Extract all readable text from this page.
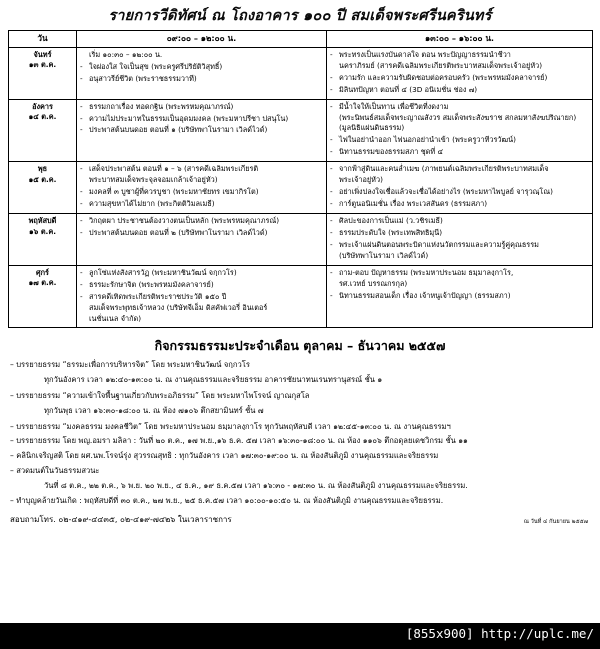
รายการวีดิทัศน์ ณ โถงอาคาร ๑๐๐ ปี สมเด็จพระศรีนครินทร์
วัน	๐๙:๐๐ – ๑๒:๐๐ น.	๑๓:๐๐ – ๑๖:๐๐ น.
จันทร์
๑๓ ต.ค.

เริ่ม ๑๐:๓๐ – ๑๒:๐๐ น.
- ใจผ่องใส ใจเป็นสุข (พระครูศรีปริยัติวิสุทธิ์)
- อนุสาวรีย์ชีวิต (พระราชธรรมวาที)

- พระทรงเป็นแรงบันดาลใจ ตอน พระปัญญาธรรมนำชีวา
นคราภิรมย์ (สารคดีเฉลิมพระเกียรติพระบาทสมเด็จพระเจ้าอยู่หัว)
- ความรัก และความรับผิดชอบต่อครอบครัว (พระพรหมมังคลาจารย์)
- มิลินทปัญหา ตอนที่ ๔ (3D อนิเมชั่น ช่อง ๗)

อังคาร
๑๔ ต.ค.

- ธรรมกถาเรื่อง ทอดกฐิน (พระพรหมคุณาภรณ์)
- ความไม่ประมาทในธรรมเป็นอุดมมงคล (พระมหาปรีชา ปสนุโน)
- ประพาสต้นบนดอย ตอนที่ ๑ (บริษัทพาโนรามา เวิลด์ไวด์)

- มีน้ำใจให้เป็นทาน เพื่อชีวิตที่งดงาม
(พระนิพนธ์สมเด็จพระญาณสังวร สมเด็จพระสังฆราช สกลมหาสังฆปริณายก)
(มูลนิธิแผ่นดินธรรม)
- ไฟในอย่านำออก ไฟนอกอย่านำเข้า (พระครูวาทีวรวัฒน์)
- นิทานธรรมของธรรมสภา ชุดที่ ๔

พุธ
๑๕ ต.ค.

- เสด็จประพาสต้น ตอนที่ ๑ – ๖ (สารคดีเฉลิมพระเกียรติ
พระบาทสมเด็จพระจุลจอมเกล้าเจ้าอยู่หัว)
- มงคลที่ ๓ บูชาผู้ที่ควรบูชา (พระมหาชัยทร เขมากิรโต)
- ความสุขหาได้ไม่ยาก (พระกิตติวิมลเมธี)

- จากฟ้าสู่ดินและคนล่ำเมฆ (ภาพยนต์เฉลิมพระเกียรติพระบาทสมเด็จ
พระเจ้าอยู่หัว)
- อย่าเพิ่งปลงใจเชื่อแล้วจะเชื่อได้อย่างไร (พระมหาไพบูลย์ จารุวณฺโณ)
- การ์ตูนอนิเมชั่น เรื่อง พระเวสสันดร (ธรรมสภา)

พฤหัสบดี
๑๖ ต.ค.

- วิกฤตผา ประชาชนต้องวางตนเป็นหลัก (พระพรหมคุณาภรณ์)
- ประพาสต้นบนดอย ตอนที่ ๒ (บริษัทพาโนรามา เวิลด์ไวด์)

- ศิลปะของการเป็นแม่ (ว.วชิรเมธี)
- ธรรมประดับใจ (พระเทพสิทธิมุนี)
- พระเจ้าแผ่นดินตอนพระบิดาแห่งนวัตกรรมและความรู้คู่คุณธรรม
(บริษัทพาโนรามา เวิลด์ไวด์)

ศุกร์
๑๗ ต.ค.

- ลูกโซ่แห่งสังสารวัฏ (พระมหาชินวัฒน์ จกฺกวโร)
- ธรรมะรักษาจิต (พระพรหมมังคลาจารย์)
- สารคดีเทิดพระเกียรติพระราชประวัติ ๑๕๐ ปี
สมเด็จพระพุทธเจ้าหลวง (บริษัทจีเอ็ม ดิสคัฟเวอรี่ อินเตอร์
เนชั่นเนล จำกัด)

- ถาม-ตอบ ปัญหาธรรม (พระมหาประนอม ธมฺมาลงฺกาโร,
รศ.เวทย์ บรรณกรกุล)
- นิทานธรรมสอนเด็ก เรื่อง เจ้าหนูเจ้าปัญญา (ธรรมสภา)
กิจกรรมธรรมะประจำเดือน ตุลาคม – ธันวาคม ๒๕๕๗
– บรรยายธรรม “ธรรมะเพื่อการบริหารจิต” โดย พระมหาชินวัฒน์ จกฺกวโร
ทุกวันอังคาร เวลา ๑๒:๔๐-๑๓:๐๐ น. ณ งานคุณธรรมและจริยธรรม อาคารชัยนาทนเรนทรานุสรณ์ ชั้น ๑
– บรรยายธรรม “ความเข้าใจพื้นฐานเกี่ยวกับพระอภิธรรม” โดย พระมหาไพโรจน์ ญาณกุสโล
ทุกวันพุธ เวลา ๑๖:๓๐-๑๘:๐๐ น. ณ ห้อง ๗๑๐๖ ตึกสยามินทร์ ชั้น ๗
– บรรยายธรรม “มงคลธรรม มงคลชีวิต” โดย พระมหาประนอม ธมฺมาลงฺกาโร ทุกวันพฤหัสบดี เวลา ๑๒:๔๕-๑๓:๐๐ น. ณ งานคุณธรรมฯ
– บรรยายธรรม โดย พญ.อมรา มลิลา : วันที่ ๒๐ ต.ค., ๑๗ พ.ย.,๑๖ ธ.ค. ๕๗ เวลา ๑๖:๓๐-๑๘:๐๐ น. ณ ห้อง ๑๑๐๖ ตึกอดุลยเดชวิกรม ชั้น ๑๑
– คลินิกเจริญสติ โดย ผศ.นพ.โรจน์รุ่ง สุวรรณสุทธิ : ทุกวันอังคาร เวลา ๑๗:๓๐-๑๙:๐๐ น. ณ ห้องสันติภูมิ งานคุณธรรมและจริยธรรม
– สวดมนต์ในวันธรรมสวนะ
วันที่ ๘ ต.ค., ๒๒ ต.ค., ๖ พ.ย. ๒๐ พ.ย., ๔ ธ.ค., ๑๙ ธ.ค.๕๗ เวลา ๑๖:๓๐ - ๑๗:๓๐ น. ณ ห้องสันติภูมิ งานคุณธรรมและจริยธรรม.
– ทำบุญคล้ายวันเกิด : พฤหัสบดีที่ ๓๐ ต.ค., ๒๗ พ.ย., ๒๕ ธ.ค.๕๗ เวลา ๑๐:๐๐-๑๐:๕๐ น. ณ ห้องสันติภูมิ งานคุณธรรมและจริยธรรม.
สอบถามโทร. ๐๒-๔๑๙-๔๔๓๕, ๐๒-๔๑๙-๗๔๒๖ ในเวลาราชการ	ณ วันที่ ๔ กันยายน ๒๕๕๗
[855x900] http://uplc.me/
